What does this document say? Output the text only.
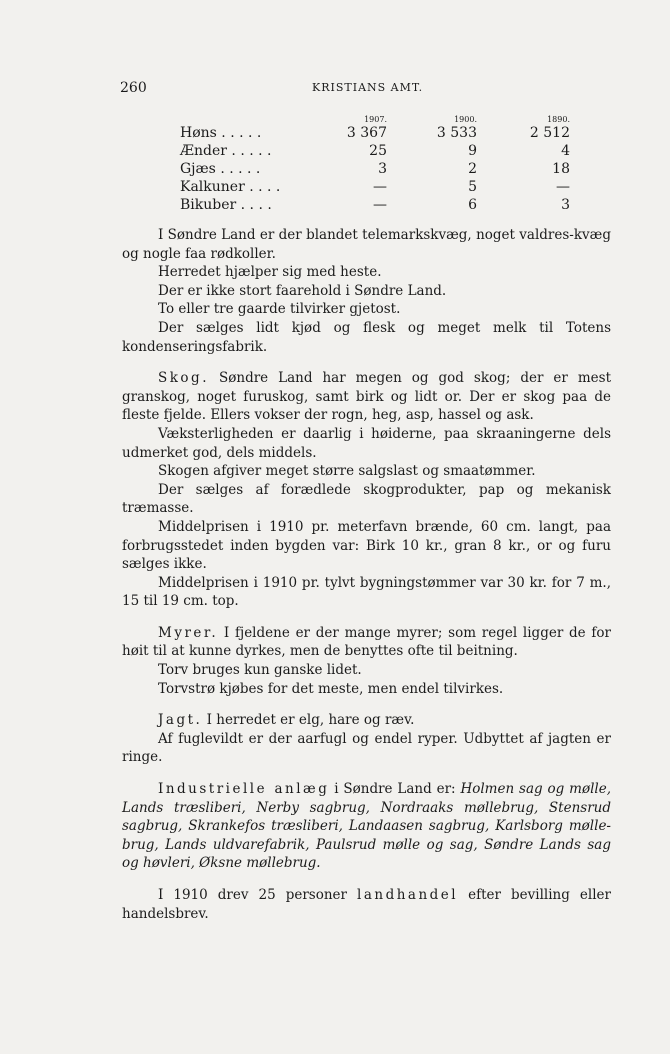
260	KRISTIANS AMT.
	1907.	1900.	1890.
Høns . . . . .	3 367	3 533	2 512
Ænder . . . . .	25	9	4
Gjæs . . . . .	3	2	18
Kalkuner . . . .	—	5	—
Bikuber . . . .	—	6	3

I Søndre Land er der blandet telemarkskvæg, noget valdres-kvæg og nogle faa rødkoller.

Herredet hjælper sig med heste.

Der er ikke stort faarehold i Søndre Land.

To eller tre gaarde tilvirker gjetost.

Der sælges lidt kjød og flesk og meget melk til Totens kondenseringsfabrik.

Skog. Søndre Land har megen og god skog; der er mest granskog, noget furuskog, samt birk og lidt or. Der er skog paa de fleste fjelde. Ellers vokser der rogn, heg, asp, hassel og ask.

Væksterligheden er daarlig i høiderne, paa skraaningerne dels udmerket god, dels middels.

Skogen afgiver meget større salgslast og smaatømmer.

Der sælges af forædlede skogprodukter, pap og mekanisk træmasse.

Middelprisen i 1910 pr. meterfavn brænde, 60 cm. langt, paa forbrugsstedet inden bygden var: Birk 10 kr., gran 8 kr., or og furu sælges ikke.

Middelprisen i 1910 pr. tylvt bygningstømmer var 30 kr. for 7 m., 15 til 19 cm. top.

Myrer. I fjeldene er der mange myrer; som regel ligger de for høit til at kunne dyrkes, men de benyttes ofte til beitning.

Torv bruges kun ganske lidet.

Torvstrø kjøbes for det meste, men endel tilvirkes.

Jagt. I herredet er elg, hare og ræv.

Af fuglevildt er der aarfugl og endel ryper. Udbyttet af jagten er ringe.

Industrielle anlæg i Søndre Land er: Holmen sag og mølle, Lands træsliberi, Nerby sagbrug, Nordraaks møllebrug, Stensrud sagbrug, Skrankefos træsliberi, Landaasen sagbrug, Karlsborg mølle-brug, Lands uldvarefabrik, Paulsrud mølle og sag, Søndre Lands sag og høvleri, Øksne møllebrug.

I 1910 drev 25 personer landhandel efter bevilling eller handelsbrev.
